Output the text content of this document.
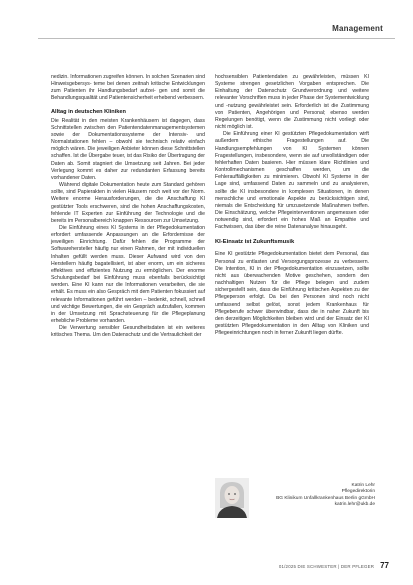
Management

nedizin. Informationen zugreifen können. In solchen Szenarien sind Hinweisgebersys- teme bei denen zeitnah kritische Entwicklungen zum Patienten ihr Handlungsbedarf aufzei- gen und somit die Behandlungsqualität und Patientensicherheit erhebend verbessern.

Alltag in deutschen Kliniken

Die Realität in den meisten Krankenhäusern ist dagegen, dass Schnittstellen zwischen den Patientendatenmanagementsystemen sowie der Dokumentationssysteme der Intensiv- und Normalstationen fehlen – obwohl sie technisch relativ einfach möglich wären. Die jeweiligen Anbieter können diese Schnittstellen schaffen. Ist die Übergabe teuer, ist das Risiko der Übertragung der Daten ab. Somit stagniert die Umsetzung seit Jahren. Bei jeder Verlegung kommt es daher zur redundanten Erfassung bereits vorhandener Daten.

Während digitale Dokumentation heute zum Standard gehören sollte, sind Papierakten in vielen Häusern noch weit vor der Norm. Weitere enorme Herausforderungen, die die Anschaffung KI gestützter Tools erschweren, sind die hohen Anschaffungskosten, fehlende IT Experten zur Einführung der Technologie und die bereits im Personalbereich knappen Ressourcen zur Umsetzung.

Die Einführung eines KI Systems in der Pflegedokumentation erfordert umfassende Anpassungen an die Erfordernisse der jeweiligen Einrichtung. Dafür fehlen die Programme der Softwarehersteller häufig nur einen Rahmen, der mit individuellen Inhalten gefüllt werden muss. Dieser Aufwand wird von den Herstellern häufig bagatellisiert, ist aber enorm, um ein sicheres effektives und effizientes Nutzung zu ermöglichen. Der enorme Schulungsbedarf bei Einführung muss ebenfalls berücksichtigt werden. Eine KI kann nur die Informationen verarbeiten, die sie erhält. Es muss ein also Gespräch mit dem Patienten fokussiert auf relevante Informationen geführt werden – bedenkt, schnell, schnell und wichtige Bewertungen, die ein Gespräch aufzufallen, kommen in der Umsetzung mit Sprachsteuerung für die Pflegeplanung erhebliche Probleme vorhanden.

Die Verwertung sensibler Gesundheitsdaten ist ein weiteres kritisches Thema. Um den Datenschutz und die Vertraulichkeit der

hochsensiblen Patientendaten zu gewährleisten, müssen KI Systeme strengen gesetzlichen Vorgaben entsprechen. Die Einhaltung der Datenschutz Grundverordnung und weitere relevanter Vorschriften muss in jeder Phase der Systementwicklung und -nutzung gewährleistet sein. Erforderlich ist die Zustimmung von Patienten, Angehörigen und Personal; ebenso werden Regelungen benötigt, wenn die Zustimmung nicht vorliegt oder nicht möglich ist.

Die Einführung einer KI gestützten Pflegedokumentation wirft außerdem ethische Fragestellungen auf. Die Handlungsempfehlungen von KI Systemen können Fragestellungen, insbesondere, wenn sie auf unvollständigen oder fehlerhaften Daten basieren. Hier müssen klare Richtlinien und Kontrollmechanismen geschaffen werden, um die Fehlerauffälligkeiten zu minimieren. Obwohl KI Systeme in der Lage sind, umfassend Daten zu sammeln und zu analysieren, sollte die KI insbesondere in komplexen Situationen, in denen menschliche und emotionale Aspekte zu berücksichtigen sind, niemals die Entscheidung für umzusetzende Maßnahmen treffen. Die Einschätzung, welche Pflegeinterventionen angemessen oder notwendig sind, erfordert ein hohes Maß an Empathie und Fachwissen, das über die reine Datenanalyse hinausgeht.

KI-Einsatz ist Zukunftsmusik

Eine KI gestützte Pflegedokumentation bietet dem Personal, das Personal zu entlasten und Versorgungsprozesse zu verbessern. Die Intention, KI in der Pflegedokumentation einzusetzen, sollte nicht aus überwachenden Motive geschehen, sondern den nachhaltigen Nutzen für die Pflege belegen und zudem sichergestellt sein, dass die Einführung kritischen Aspekten zu der Pflegeperson erfolgt. Da bei den Personen sind noch nicht umfassend selbst gelöst, sonst jedem Krankenhaus für Pflegeberufe schwer überwindbar, dass die in naher Zukunft bis den derzeitigen Möglichkeiten bleiben wird und der Einsatz der KI gestützten Pflegedokumentation in den Alltag von Kliniken und Pflegeeinrichtungen noch in ferner Zukunft liegen dürfte.

Katrin Lehr
Pflegedirektorin
BG Klinikum Unfallkrankenhaus Berlin gGmbH
katrin.lehr@ukb.de
01/2025 DIE SCHWESTER | DER PFLEGER 77
